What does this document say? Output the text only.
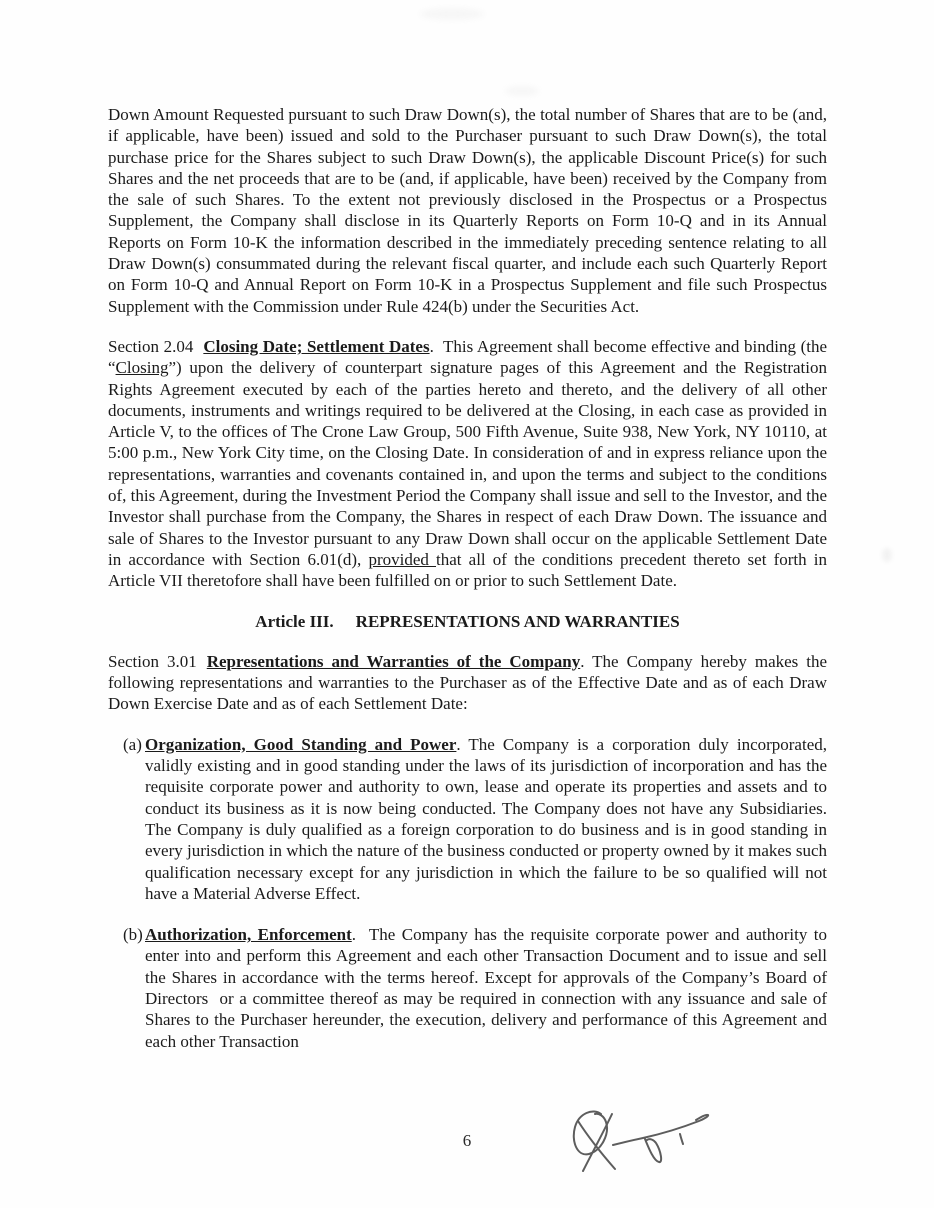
Down Amount Requested pursuant to such Draw Down(s), the total number of Shares that are to be (and, if applicable, have been) issued and sold to the Purchaser pursuant to such Draw Down(s), the total purchase price for the Shares subject to such Draw Down(s), the applicable Discount Price(s) for such Shares and the net proceeds that are to be (and, if applicable, have been) received by the Company from the sale of such Shares. To the extent not previously disclosed in the Prospectus or a Prospectus Supplement, the Company shall disclose in its Quarterly Reports on Form 10-Q and in its Annual Reports on Form 10-K the information described in the immediately preceding sentence relating to all Draw Down(s) consummated during the relevant fiscal quarter, and include each such Quarterly Report on Form 10-Q and Annual Report on Form 10-K in a Prospectus Supplement and file such Prospectus Supplement with the Commission under Rule 424(b) under the Securities Act.

Section 2.04 Closing Date; Settlement Dates.  This Agreement shall become effective and binding (the “Closing”) upon the delivery of counterpart signature pages of this Agreement and the Registration Rights Agreement executed by each of the parties hereto and thereto, and the delivery of all other documents, instruments and writings required to be delivered at the Closing, in each case as provided in Article V, to the offices of The Crone Law Group, 500 Fifth Avenue, Suite 938, New York, NY 10110, at 5:00 p.m., New York City time, on the Closing Date. In consideration of and in express reliance upon the representations, warranties and covenants contained in, and upon the terms and subject to the conditions of, this Agreement, during the Investment Period the Company shall issue and sell to the Investor, and the Investor shall purchase from the Company, the Shares in respect of each Draw Down. The issuance and sale of Shares to the Investor pursuant to any Draw Down shall occur on the applicable Settlement Date in accordance with Section 6.01(d), provided that all of the conditions precedent thereto set forth in Article VII theretofore shall have been fulfilled on or prior to such Settlement Date.

Article III. REPRESENTATIONS AND WARRANTIES

Section 3.01 Representations and Warranties of the Company. The Company hereby makes the following representations and warranties to the Purchaser as of the Effective Date and as of each Draw Down Exercise Date and as of each Settlement Date:

(a) Organization, Good Standing and Power. The Company is a corporation duly incorporated, validly existing and in good standing under the laws of its jurisdiction of incorporation and has the requisite corporate power and authority to own, lease and operate its properties and assets and to conduct its business as it is now being conducted. The Company does not have any Subsidiaries. The Company is duly qualified as a foreign corporation to do business and is in good standing in every jurisdiction in which the nature of the business conducted or property owned by it makes such qualification necessary except for any jurisdiction in which the failure to be so qualified will not have a Material Adverse Effect.
(b) Authorization, Enforcement.  The Company has the requisite corporate power and authority to enter into and perform this Agreement and each other Transaction Document and to issue and sell the Shares in accordance with the terms hereof. Except for approvals of the Company’s Board of Directors  or a committee thereof as may be required in connection with any issuance and sale of Shares to the Purchaser hereunder, the execution, delivery and performance of this Agreement and each other Transaction
6
